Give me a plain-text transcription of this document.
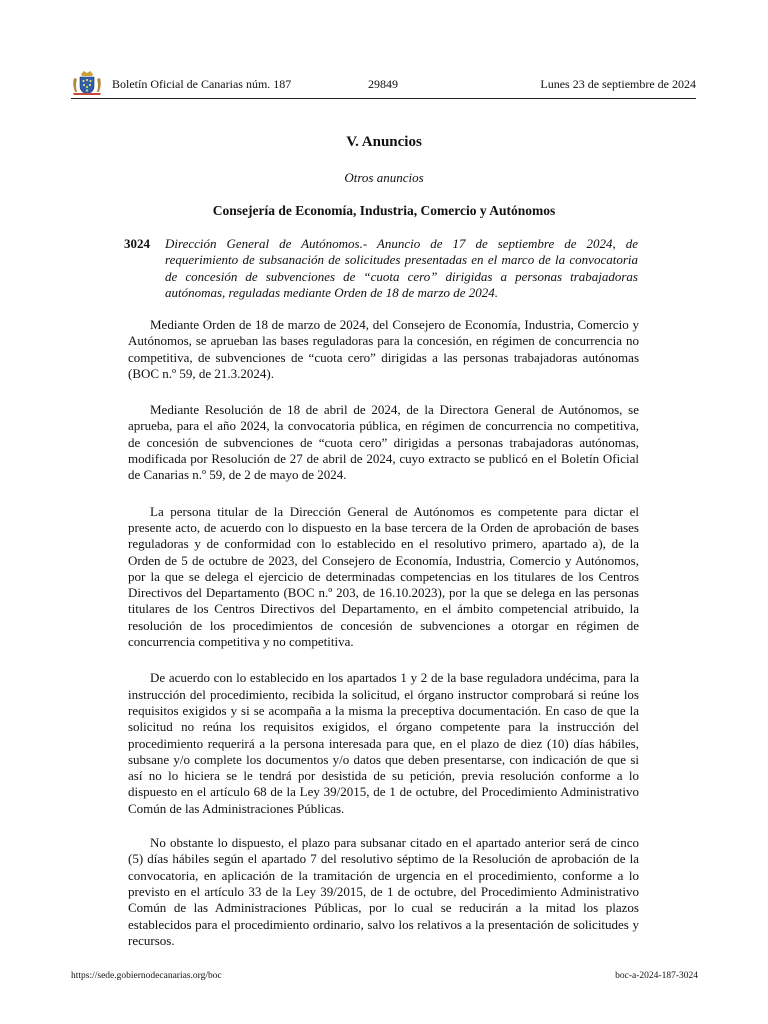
Boletín Oficial de Canarias núm. 187	29849	Lunes 23 de septiembre de 2024
V. Anuncios
Otros anuncios
Consejería de Economía, Industria, Comercio y Autónomos
3024 Dirección General de Autónomos.- Anuncio de 17 de septiembre de 2024, de requerimiento de subsanación de solicitudes presentadas en el marco de la convocatoria de concesión de subvenciones de “cuota cero” dirigidas a personas trabajadoras autónomas, reguladas mediante Orden de 18 de marzo de 2024.

Mediante Orden de 18 de marzo de 2024, del Consejero de Economía, Industria, Comercio y Autónomos, se aprueban las bases reguladoras para la concesión, en régimen de concurrencia no competitiva, de subvenciones de “cuota cero” dirigidas a las personas trabajadoras autónomas (BOC n.º 59, de 21.3.2024).

Mediante Resolución de 18 de abril de 2024, de la Directora General de Autónomos, se aprueba, para el año 2024, la convocatoria pública, en régimen de concurrencia no competitiva, de concesión de subvenciones de “cuota cero” dirigidas a personas trabajadoras autónomas, modificada por Resolución de 27 de abril de 2024, cuyo extracto se publicó en el Boletín Oficial de Canarias n.º 59, de 2 de mayo de 2024.

La persona titular de la Dirección General de Autónomos es competente para dictar el presente acto, de acuerdo con lo dispuesto en la base tercera de la Orden de aprobación de bases reguladoras y de conformidad con lo establecido en el resolutivo primero, apartado a), de la Orden de 5 de octubre de 2023, del Consejero de Economía, Industria, Comercio y Autónomos, por la que se delega el ejercicio de determinadas competencias en los titulares de los Centros Directivos del Departamento (BOC n.º 203, de 16.10.2023), por la que se delega en las personas titulares de los Centros Directivos del Departamento, en el ámbito competencial atribuido, la resolución de los procedimientos de concesión de subvenciones a otorgar en régimen de concurrencia competitiva y no competitiva.

De acuerdo con lo establecido en los apartados 1 y 2 de la base reguladora undécima, para la instrucción del procedimiento, recibida la solicitud, el órgano instructor comprobará si reúne los requisitos exigidos y si se acompaña a la misma la preceptiva documentación. En caso de que la solicitud no reúna los requisitos exigidos, el órgano competente para la instrucción del procedimiento requerirá a la persona interesada para que, en el plazo de diez (10) días hábiles, subsane y/o complete los documentos y/o datos que deben presentarse, con indicación de que si así no lo hiciera se le tendrá por desistida de su petición, previa resolución conforme a lo dispuesto en el artículo 68 de la Ley 39/2015, de 1 de octubre, del Procedimiento Administrativo Común de las Administraciones Públicas.

No obstante lo dispuesto, el plazo para subsanar citado en el apartado anterior será de cinco (5) días hábiles según el apartado 7 del resolutivo séptimo de la Resolución de aprobación de la convocatoria, en aplicación de la tramitación de urgencia en el procedimiento, conforme a lo previsto en el artículo 33 de la Ley 39/2015, de 1 de octubre, del Procedimiento Administrativo Común de las Administraciones Públicas, por lo cual se reducirán a la mitad los plazos establecidos para el procedimiento ordinario, salvo los relativos a la presentación de solicitudes y recursos.

https://sede.gobiernodecanarias.org/boc	boc-a-2024-187-3024
